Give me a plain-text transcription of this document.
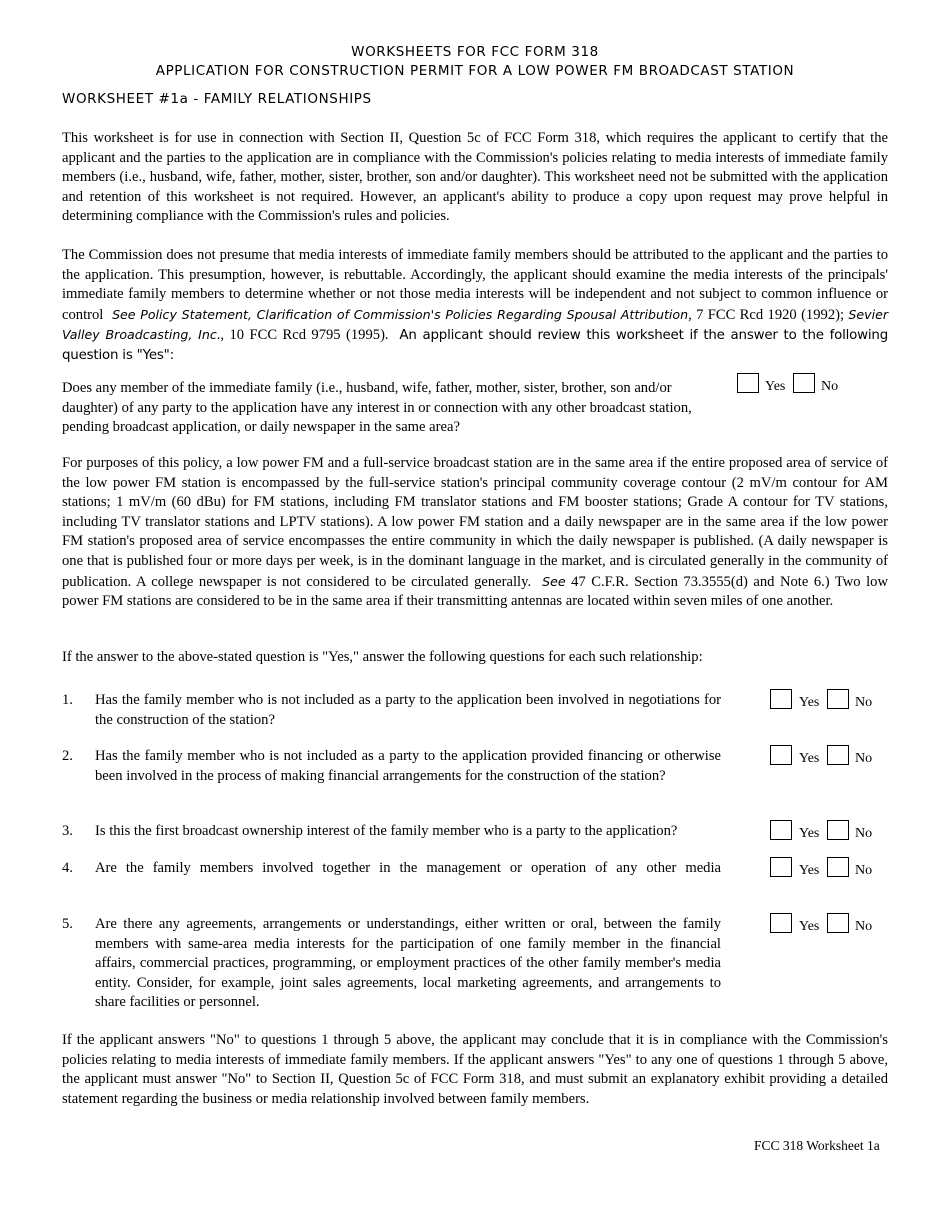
WORKSHEETS FOR FCC FORM 318
APPLICATION FOR CONSTRUCTION PERMIT FOR A LOW POWER FM BROADCAST STATION
WORKSHEET #1a - FAMILY RELATIONSHIPS
This worksheet is for use in connection with Section II, Question 5c of FCC Form 318, which requires the applicant to certify that the applicant and the parties to the application are in compliance with the Commission's policies relating to media interests of immediate family members (i.e., husband, wife, father, mother, sister, brother, son and/or daughter). This worksheet need not be submitted with the application and retention of this worksheet is not required. However, an applicant's ability to produce a copy upon request may prove helpful in determining compliance with the Commission's rules and policies.
The Commission does not presume that media interests of immediate family members should be attributed to the applicant and the parties to the application. This presumption, however, is rebuttable. Accordingly, the applicant should examine the media interests of the principals' immediate family members to determine whether or not those media interests will be independent and not subject to common influence or control See Policy Statement, Clarification of Commission's Policies Regarding Spousal Attribution, 7 FCC Rcd 1920 (1992); Sevier Valley Broadcasting, Inc., 10 FCC Rcd 9795 (1995). An applicant should review this worksheet if the answer to the following question is "Yes":
Does any member of the immediate family (i.e., husband, wife, father, mother, sister, brother, son and/or daughter) of any party to the application have any interest in or connection with any other broadcast station, pending broadcast application, or daily newspaper in the same area?
Yes	No
For purposes of this policy, a low power FM and a full-service broadcast station are in the same area if the entire proposed area of service of the low power FM station is encompassed by the full-service station's principal community coverage contour (2 mV/m contour for AM stations; 1 mV/m (60 dBu) for FM stations, including FM translator stations and FM booster stations; Grade A contour for TV stations, including TV translator stations and LPTV stations). A low power FM station and a daily newspaper are in the same area if the low power FM station's proposed area of service encompasses the entire community in which the daily newspaper is published. (A daily newspaper is one that is published four or more days per week, is in the dominant language in the market, and is circulated generally in the community of publication. A college newspaper is not considered to be circulated generally. See 47 C.F.R. Section 73.3555(d) and Note 6.) Two low power FM stations are considered to be in the same area if their transmitting antennas are located within seven miles of one another.
If the answer to the above-stated question is "Yes," answer the following questions for each such relationship:
1. Has the family member who is not included as a party to the application been involved in negotiations for the construction of the station?
Yes	No
2. Has the family member who is not included as a party to the application provided financing or otherwise been involved in the process of making financial arrangements for the construction of the station?
Yes	No
3. Is this the first broadcast ownership interest of the family member who is a party to the application?	Yes	No
4. Are the family members involved together in the management or operation of any other media	Yes	No
5. Are there any agreements, arrangements or understandings, either written or oral, between the family members with same-area media interests for the participation of one family member in the financial affairs, commercial practices, programming, or employment practices of the other family member's media entity. Consider, for example, joint sales agreements, local marketing agreements, and arrangements to share facilities or personnel.
Yes	No
If the applicant answers "No" to questions 1 through 5 above, the applicant may conclude that it is in compliance with the Commission's policies relating to media interests of immediate family members. If the applicant answers "Yes" to any one of questions 1 through 5 above, the applicant must answer "No" to Section II, Question 5c of FCC Form 318, and must submit an explanatory exhibit providing a detailed statement regarding the business or media relationship involved between family members.
FCC 318 Worksheet 1a
